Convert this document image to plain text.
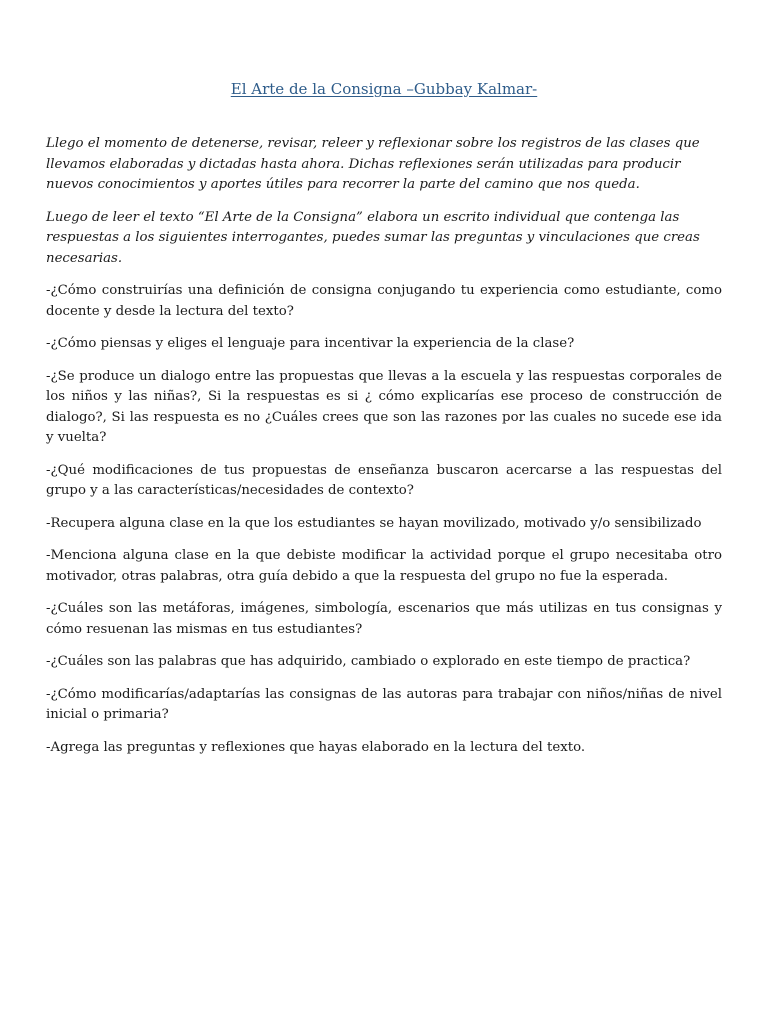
El Arte de la Consigna –Gubbay Kalmar-

Llego el momento de detenerse, revisar, releer y reflexionar sobre los registros de las clases que llevamos elaboradas y dictadas hasta ahora. Dichas reflexiones serán utilizadas para producir nuevos conocimientos y aportes útiles para recorrer la parte del camino que nos queda.

Luego de leer el texto “El Arte de la Consigna” elabora un escrito individual que contenga las respuestas a los siguientes interrogantes, puedes sumar las preguntas y vinculaciones que creas necesarias.

-¿Cómo construirías una definición de consigna conjugando tu experiencia como estudiante, como docente y desde la lectura del texto?

-¿Cómo piensas y eliges el lenguaje para incentivar la experiencia de la clase?

-¿Se produce un dialogo entre las propuestas que llevas a la escuela y las respuestas corporales de los niños y las niñas?, Si la respuestas es si ¿ cómo explicarías ese proceso de construcción de dialogo?, Si las respuesta es no ¿Cuáles crees que son las razones por las cuales no sucede ese ida y vuelta?

-¿Qué modificaciones de tus propuestas de enseñanza buscaron acercarse a las respuestas del grupo y a las características/necesidades de contexto?

-Recupera alguna clase en la que los estudiantes se hayan movilizado, motivado y/o sensibilizado

-Menciona alguna clase en la que debiste modificar la actividad porque el grupo necesitaba otro motivador, otras palabras, otra guía debido a que la respuesta del grupo no fue la esperada.

-¿Cuáles son las metáforas, imágenes, simbología, escenarios que más utilizas en tus consignas y cómo resuenan las mismas en tus estudiantes?

-¿Cuáles son las palabras que has adquirido, cambiado o explorado en este tiempo de practica?

-¿Cómo modificarías/adaptarías las consignas de las autoras para trabajar con niños/niñas de nivel inicial o primaria?

-Agrega las preguntas y reflexiones que hayas elaborado en la lectura del texto.
